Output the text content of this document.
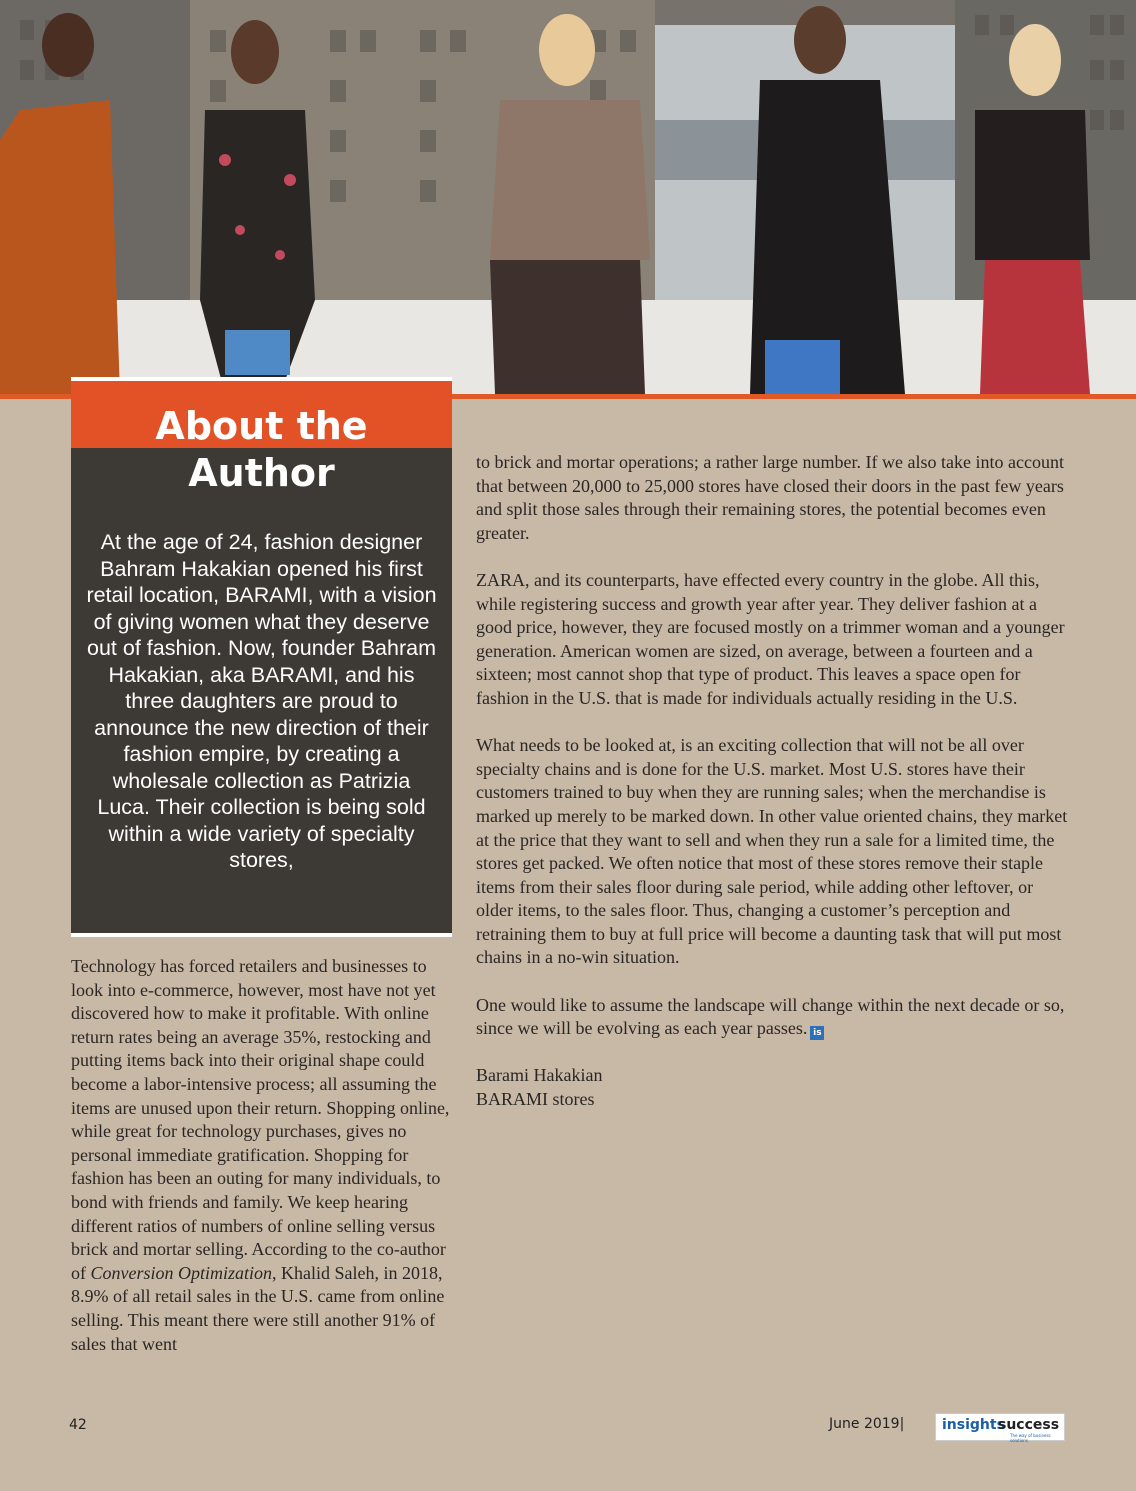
About the
Author

At the age of 24, fashion designer Bahram Hakakian opened his first retail location, BARAMI, with a vision of giving women what they deserve out of fashion. Now, founder Bahram Hakakian, aka BARAMI, and his three daughters are proud to announce the new direction of their fashion empire, by creating a wholesale collection as Patrizia Luca. Their collection is being sold within a wide variety of specialty stores,

Technology has forced retailers and businesses to look into e-commerce, however, most have not yet discovered how to make it profitable. With online return rates being an average 35%, restocking and putting items back into their original shape could become a labor-intensive process; all assuming the items are unused upon their return. Shopping online, while great for technology purchases, gives no personal immediate gratification. Shopping for fashion has been an outing for many individuals, to bond with friends and family. We keep hearing different ratios of numbers of online selling versus brick and mortar selling. According to the co-author of Conversion Optimization, Khalid Saleh, in 2018, 8.9% of all retail sales in the U.S. came from online selling. This meant there were still another 91% of sales that went

to brick and mortar operations; a rather large number. If we also take into account that between 20,000 to 25,000 stores have closed their doors in the past few years and split those sales through their remaining stores, the potential becomes even greater.

ZARA, and its counterparts, have effected every country in the globe. All this, while registering success and growth year after year. They deliver fashion at a good price, however, they are focused mostly on a trimmer woman and a younger generation. American women are sized, on average, between a fourteen and a sixteen; most cannot shop that type of product. This leaves a space open for fashion in the U.S. that is made for individuals actually residing in the U.S.

What needs to be looked at, is an exciting collection that will not be all over specialty chains and is done for the U.S. market. Most U.S. stores have their customers trained to buy when they are running sales; when the merchandise is marked up merely to be marked down. In other value oriented chains, they market at the price that they want to sell and when they run a sale for a limited time, the stores get packed. We often notice that most of these stores remove their staple items from their sales floor during sale period, while adding other leftover, or older items, to the sales floor. Thus, changing a customer’s perception and retraining them to buy at full price will become a daunting task that will put most chains in a no-win situation.

One would like to assume the landscape will change within the next decade or so, since we will be evolving as each year passes. is

Barami Hakakian
BARAMI stores

42	June 2019|	insights
success
The way of business solutions
